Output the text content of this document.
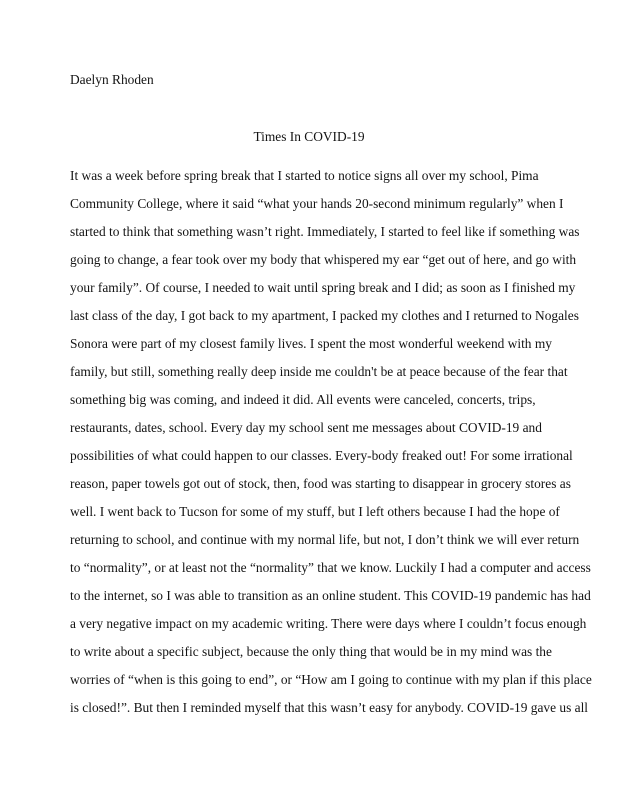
Daelyn Rhoden
Times In COVID-19
It was a week before spring break that I started to notice signs all over my school, Pima
Community College, where it said “what your hands 20-second minimum regularly” when I
started to think that something wasn’t right. Immediately, I started to feel like if something was
going to change, a fear took over my body that whispered my ear “get out of here, and go with
your family”. Of course, I needed to wait until spring break and I did; as soon as I finished my
last class of the day, I got back to my apartment, I packed my clothes and I returned to Nogales
Sonora were part of my closest family lives. I spent the most wonderful weekend with my
family, but still, something really deep inside me couldn't be at peace because of the fear that
something big was coming, and indeed it did. All events were canceled, concerts, trips,
restaurants, dates, school. Every day my school sent me messages about COVID-19 and
possibilities of what could happen to our classes. Every-body freaked out! For some irrational
reason, paper towels got out of stock, then, food was starting to disappear in grocery stores as
well. I went back to Tucson for some of my stuff, but I left others because I had the hope of
returning to school, and continue with my normal life, but not, I don’t think we will ever return
to “normality”, or at least not the “normality” that we know. Luckily I had a computer and access
to the internet, so I was able to transition as an online student. This COVID-19 pandemic has had
a very negative impact on my academic writing. There were days where I couldn’t focus enough
to write about a specific subject, because the only thing that would be in my mind was the
worries of “when is this going to end”, or “How am I going to continue with my plan if this place
is closed!”. But then I reminded myself that this wasn’t easy for anybody. COVID-19 gave us all
